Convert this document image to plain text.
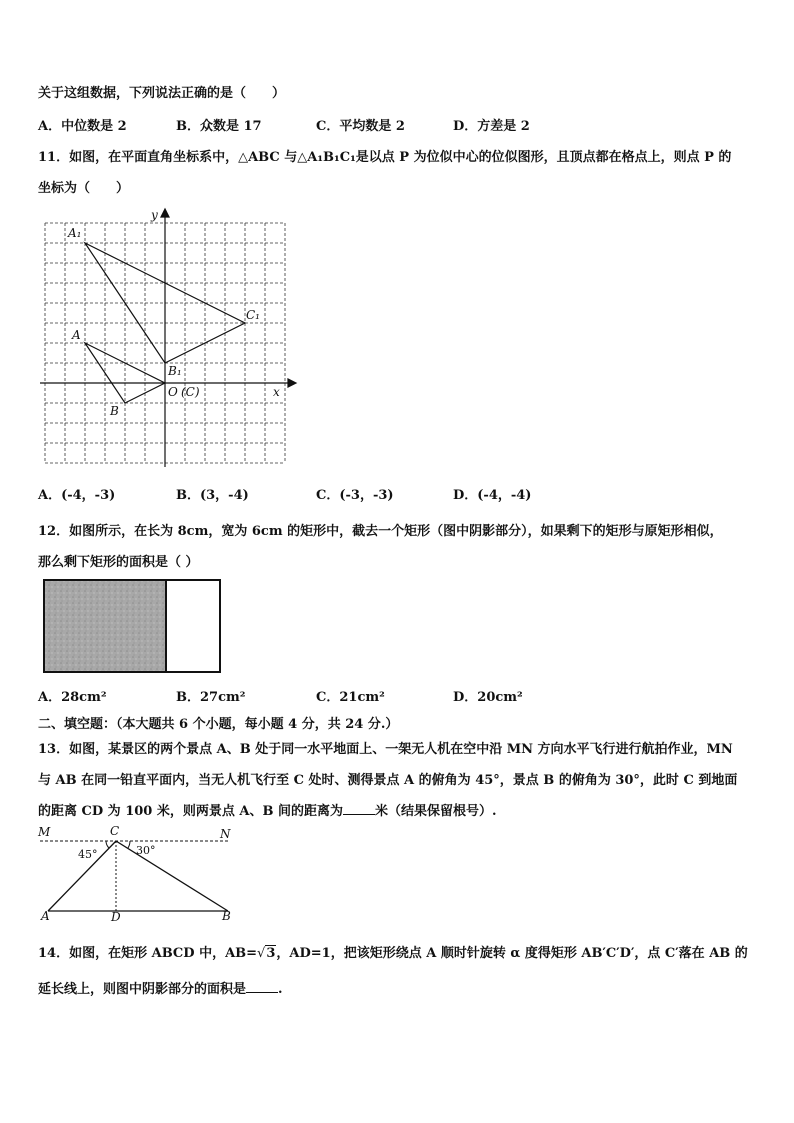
关于这组数据，下列说法正确的是（　　）
A．中位数是 2	B．众数是 17	C．平均数是 2	D．方差是 2
11．如图，在平面直角坐标系中，△ABC 与△A₁B₁C₁是以点 P 为位似中心的位似图形，且顶点都在格点上，则点 P 的
坐标为（　　）
A₁
A
B
B₁
C₁
O (C)	x
y
A．(-4，-3)	B．(3，-4)	C．(-3，-3)	D．(-4，-4)
12．如图所示，在长为 8cm，宽为 6cm 的矩形中，截去一个矩形（图中阴影部分），如果剩下的矩形与原矩形相似，
那么剩下矩形的面积是（ ）
A．28cm²	B．27cm²	C．21cm²	D．20cm²
二、填空题：（本大题共 6 个小题，每小题 4 分，共 24 分.）
13．如图，某景区的两个景点 A、B 处于同一水平地面上、一架无人机在空中沿 MN 方向水平飞行进行航拍作业，MN
与 AB 在同一铅直平面内，当无人机飞行至 C 处时、测得景点 A 的俯角为 45°，景点 B 的俯角为 30°，此时 C 到地面
的距离 CD 为 100 米，则两景点 A、B 间的距离为 米（结果保留根号）.
M	C	N
A	D	B
45°	30°
14．如图，在矩形 ABCD 中，AB=√3，AD=1，把该矩形绕点 A 顺时针旋转 α 度得矩形 AB′C′D′，点 C′落在 AB 的
延长线上，则图中阴影部分的面积是 .
